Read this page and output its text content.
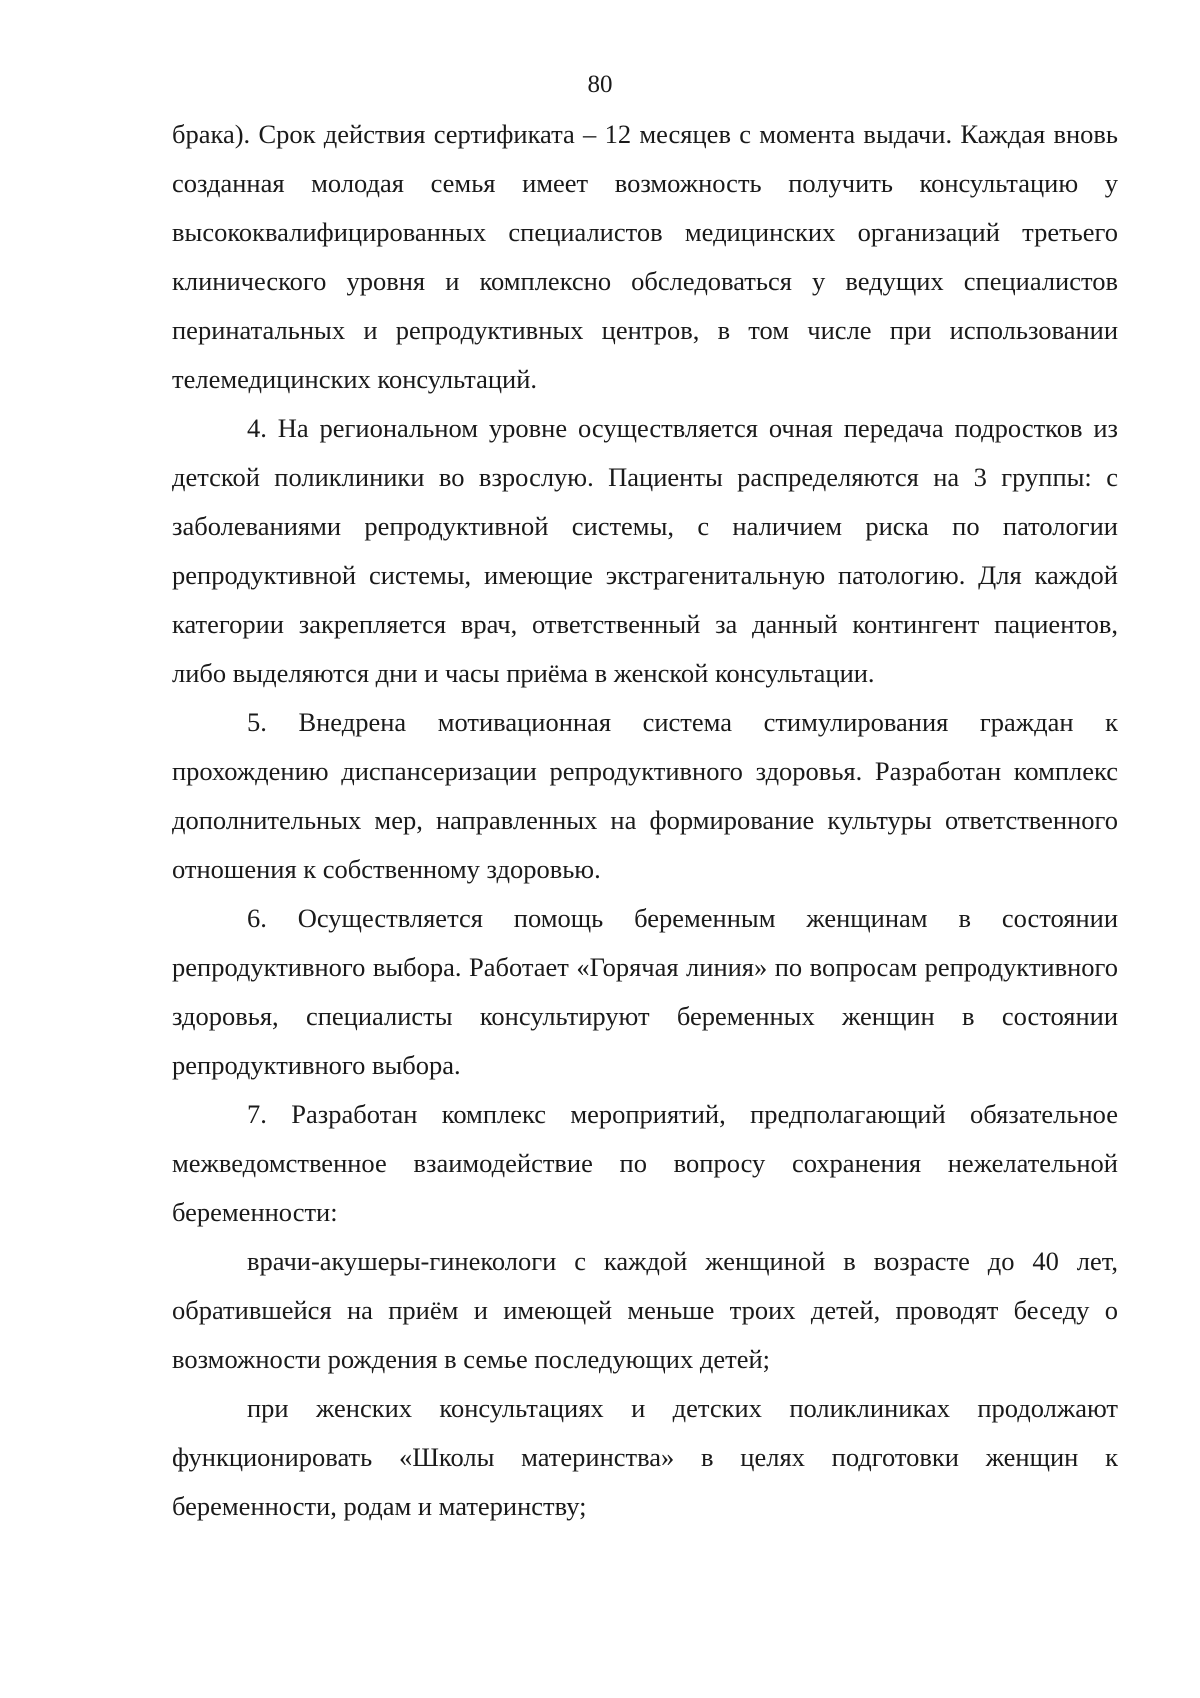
80

брака). Срок действия сертификата – 12 месяцев с момента выдачи. Каждая вновь созданная молодая семья имеет возможность получить консультацию у высококвалифицированных специалистов медицинских организаций третьего клинического уровня и комплексно обследоваться у ведущих специалистов перинатальных и репродуктивных центров, в том числе при использовании телемедицинских консультаций.

4. На региональном уровне осуществляется очная передача подростков из детской поликлиники во взрослую. Пациенты распределяются на 3 группы: с заболеваниями репродуктивной системы, с наличием риска по патологии репродуктивной системы, имеющие экстрагенитальную патологию. Для каждой категории закрепляется врач, ответственный за данный контингент пациентов, либо выделяются дни и часы приёма в женской консультации.

5. Внедрена мотивационная система стимулирования граждан к прохождению диспансеризации репродуктивного здоровья. Разработан комплекс дополнительных мер, направленных на формирование культуры ответственного отношения к собственному здоровью.

6. Осуществляется помощь беременным женщинам в состоянии репродуктивного выбора. Работает «Горячая линия» по вопросам репродуктивного здоровья, специалисты консультируют беременных женщин в состоянии репродуктивного выбора.

7. Разработан комплекс мероприятий, предполагающий обязательное межведомственное взаимодействие по вопросу сохранения нежелательной беременности:

врачи-акушеры-гинекологи с каждой женщиной в возрасте до 40 лет, обратившейся на приём и имеющей меньше троих детей, проводят беседу о возможности рождения в семье последующих детей;

при женских консультациях и детских поликлиниках продолжают функционировать «Школы материнства» в целях подготовки женщин к беременности, родам и материнству;
